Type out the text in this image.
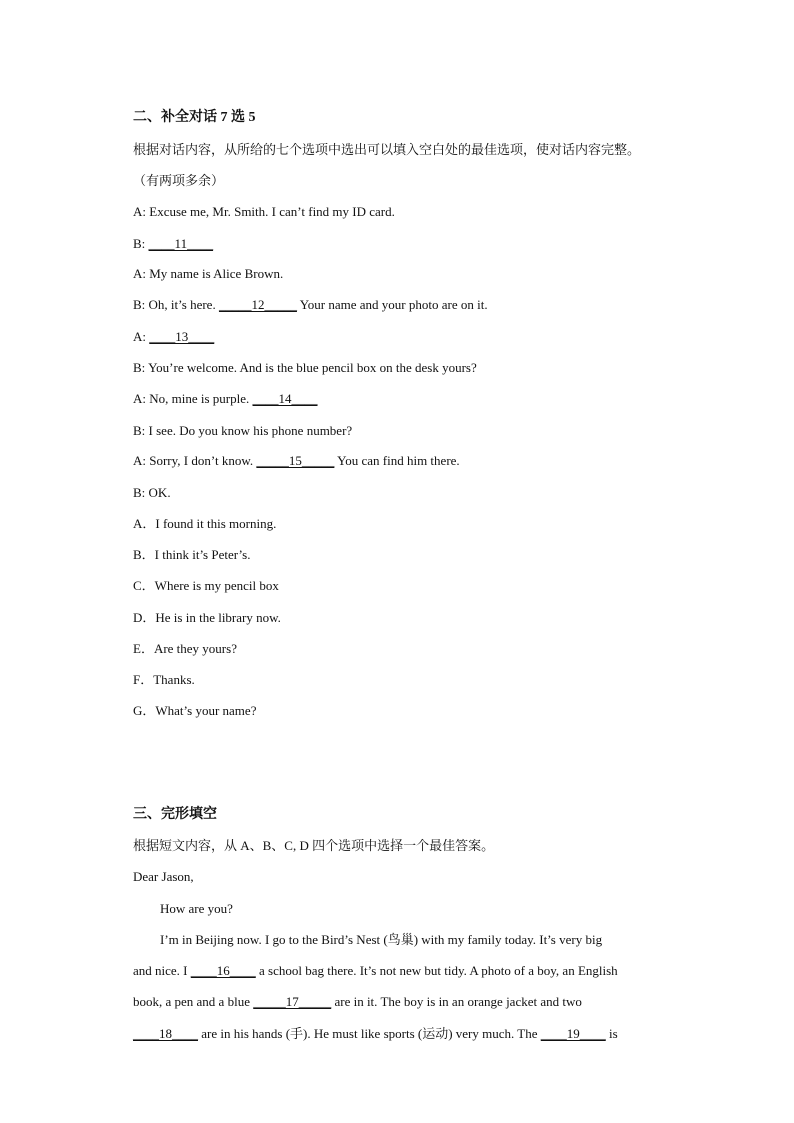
二、补全对话 7 选 5
根据对话内容，从所给的七个选项中选出可以填入空白处的最佳选项，使对话内容完整。
（有两项多余）
A: Excuse me, Mr. Smith. I can’t find my ID card.
B: ____11____
A: My name is Alice Brown.
B: Oh, it’s here. _____12_____ Your name and your photo are on it.
A: ____13____
B: You’re welcome. And is the blue pencil box on the desk yours?
A: No, mine is purple. ____14____
B: I see. Do you know his phone number?
A: Sorry, I don’t know. _____15_____ You can find him there.
B: OK.
A．I found it this morning.
B．I think it’s Peter’s.
C．Where is my pencil box
D．He is in the library now.
E．Are they yours?
F．Thanks.
G．What’s your name?
三、完形填空
根据短文内容，从 A、B、C, D 四个选项中选择一个最佳答案。
Dear Jason,
How are you?
I’m in Beijing now. I go to the Bird’s Nest (鸟巢) with my family today. It’s very big
and nice. I ____16____ a school bag there. It’s not new but tidy. A photo of a boy, an English
book, a pen and a blue _____17_____ are in it. The boy is in an orange jacket and two
____18____ are in his hands (手). He must like sports (运动) very much. The ____19____ is
